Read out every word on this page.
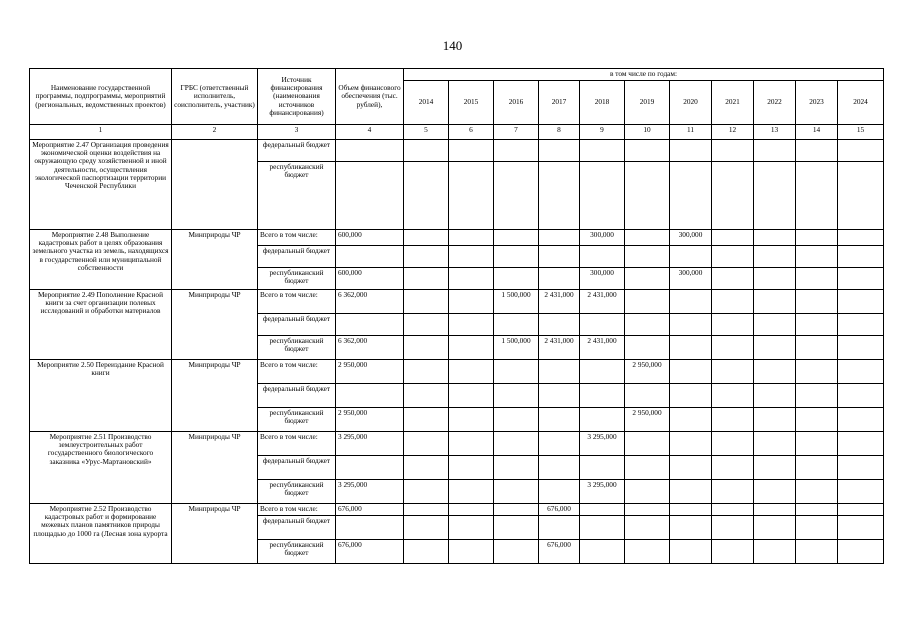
140
Наименование государственной программы, подпрограммы, мероприятий (региональных, ведомственных проектов)	ГРБС (ответственный исполнитель, соисполнитель, участник)	Источник финансирования (наименования источников финансирования)	Объем финансового обеспечения (тыс. рублей),	в том числе по годам:										
				2014	2015	2016	2017	2018	2019	2020	2021	2022	2023	2024
1	2	3	4	5	6	7	8	9	10	11	12	13	14	15
Мероприятие 2.47 Организация проведения экономической оценки воздействия на окружающую среду хозяйственной и иной деятельности, осуществления экологической паспортизации территории Чеченской Республики		федеральный бюджет												
		республиканский бюджет												
Мероприятие 2.48 Выполнение кадастровых работ в целях образования земельного участка из земель, находящихся в государственной или муниципальной собственности	Минприроды ЧР	Всего в том числе:	600,000					300,000		300,000				
		федеральный бюджет												
		республиканский бюджет	600,000					300,000		300,000				
Мероприятие 2.49 Пополнение Красной книги за счет организации полевых исследований и обработки материалов	Минприроды ЧР	Всего в том числе:	6 362,000			1 500,000	2 431,000	2 431,000						
		федеральный бюджет												
		республиканский бюджет	6 362,000			1 500,000	2 431,000	2 431,000						
Мероприятие 2.50 Переиздание Красной книги	Минприроды ЧР	Всего в том числе:	2 950,000						2 950,000					
		федеральный бюджет												
		республиканский бюджет	2 950,000						2 950,000					
Мероприятие 2.51 Производство землеустроительных работ государственного биологического заказника «Урус-Мартановский»	Минприроды ЧР	Всего в том числе:	3 295,000					3 295,000						
		федеральный бюджет												
		республиканский бюджет	3 295,000					3 295,000						
Мероприятие 2.52 Производство кадастровых работ и формирование межевых планов памятников природы площадью до 1000 га (Лесная зона курорта	Минприроды ЧР	Всего в том числе:	676,000				676,000							
		федеральный бюджет												
		республиканский бюджет	676,000				676,000							
